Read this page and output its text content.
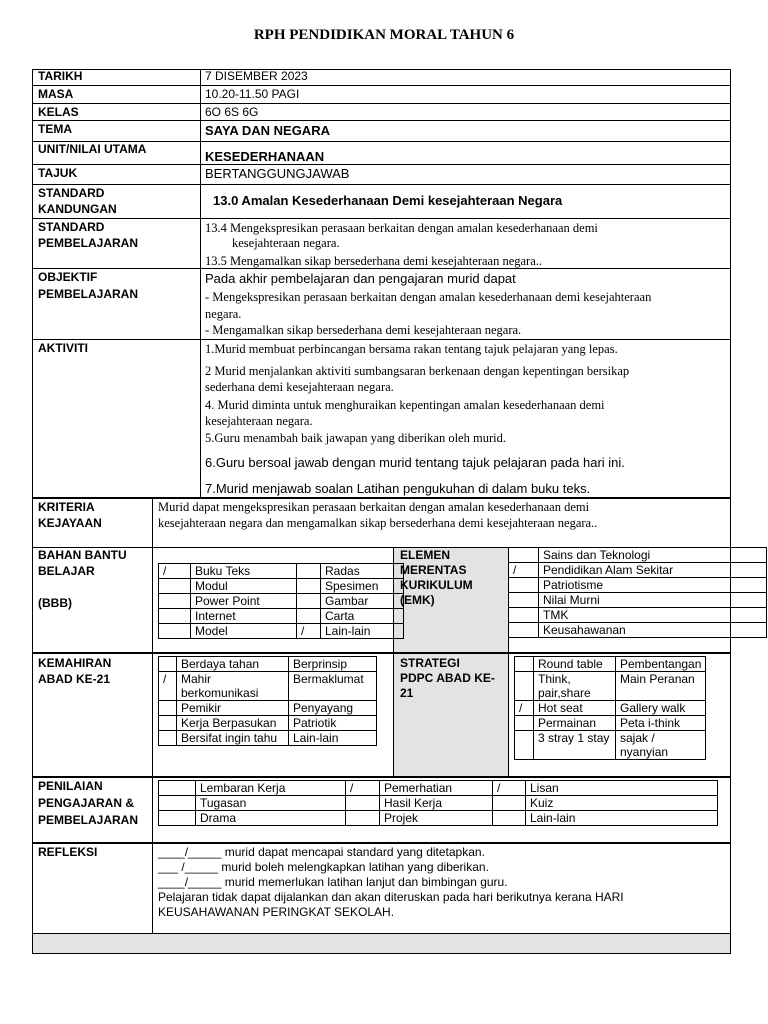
RPH PENDIDIKAN MORAL TAHUN 6
TARIKH	7 DISEMBER 2023
MASA	10.20-11.50 PAGI
KELAS	6O 6S 6G
TEMA	SAYA DAN NEGARA
UNIT/NILAI UTAMA	KESEDERHANAAN
TAJUK	BERTANGGUNGJAWAB
STANDARD
KANDUNGAN
13.0 Amalan Kesederhanaan Demi kesejahteraan Negara
STANDARD
PEMBELAJARAN
13.4 Mengekspresikan perasaan berkaitan dengan amalan kesederhanaan demi
kesejahteraan negara.
13.5 Mengamalkan sikap bersederhana demi kesejahteraan negara..
OBJEKTIF
PEMBELAJARAN
Pada akhir pembelajaran dan pengajaran murid dapat
- Mengekspresikan perasaan berkaitan dengan amalan kesederhanaan demi kesejahteraan
negara.
- Mengamalkan sikap bersederhana demi kesejahteraan negara.
AKTIVITI	1.Murid membuat perbincangan bersama rakan tentang tajuk pelajaran yang lepas.
2 Murid menjalankan aktiviti sumbangsaran berkenaan dengan kepentingan bersikap
sederhana demi kesejahteraan negara.
4. Murid diminta untuk menghuraikan kepentingan amalan kesederhanaan demi
kesejahteraan negara.
5.Guru menambah baik jawapan yang diberikan oleh murid.
6.Guru bersoal jawab dengan murid tentang tajuk pelajaran pada hari ini.
7.Murid menjawab soalan Latihan pengukuhan di dalam buku teks.
KRITERIA
KEJAYAAN
Murid dapat mengekspresikan perasaan berkaitan dengan amalan kesederhanaan demi
kesejahteraan negara dan mengamalkan sikap bersederhana demi kesejahteraan negara..
BAHAN BANTU
BELAJAR
(BBB)
/	Buku Teks		Radas
	Modul		Spesimen
	Power Point		Gambar
	Internet		Carta
	Model	/	Lain-lain
ELEMEN
MERENTAS
KURIKULUM
(EMK)
	Sains dan Teknologi
/	Pendidikan Alam Sekitar
	Patriotisme
	Nilai Murni
	TMK
	Keusahawanan
KEMAHIRAN
ABAD KE-21
	Berdaya tahan	Berprinsip
/	Mahir berkomunikasi	Bermaklumat
	Pemikir	Penyayang
	Kerja Berpasukan	Patriotik
	Bersifat ingin tahu	Lain-lain
STRATEGI
PDPC ABAD KE-
21
	Round table	Pembentangan
	Think, pair,share	Main Peranan
/	Hot seat	Gallery walk
	Permainan	Peta i-think
	3 stray 1 stay	sajak / nyanyian
PENILAIAN
PENGAJARAN &
PEMBELAJARAN
	Lembaran Kerja	/	Pemerhatian	/	Lisan
	Tugasan		Hasil Kerja		Kuiz
	Drama		Projek		Lain-lain
REFLEKSI	____/_____ murid dapat mencapai standard yang ditetapkan.
___ /_____ murid boleh melengkapkan latihan yang diberikan.
____/_____ murid memerlukan latihan lanjut dan bimbingan guru.
Pelajaran tidak dapat dijalankan dan akan diteruskan pada hari berikutnya kerana HARI
KEUSAHAWANAN PERINGKAT SEKOLAH.
